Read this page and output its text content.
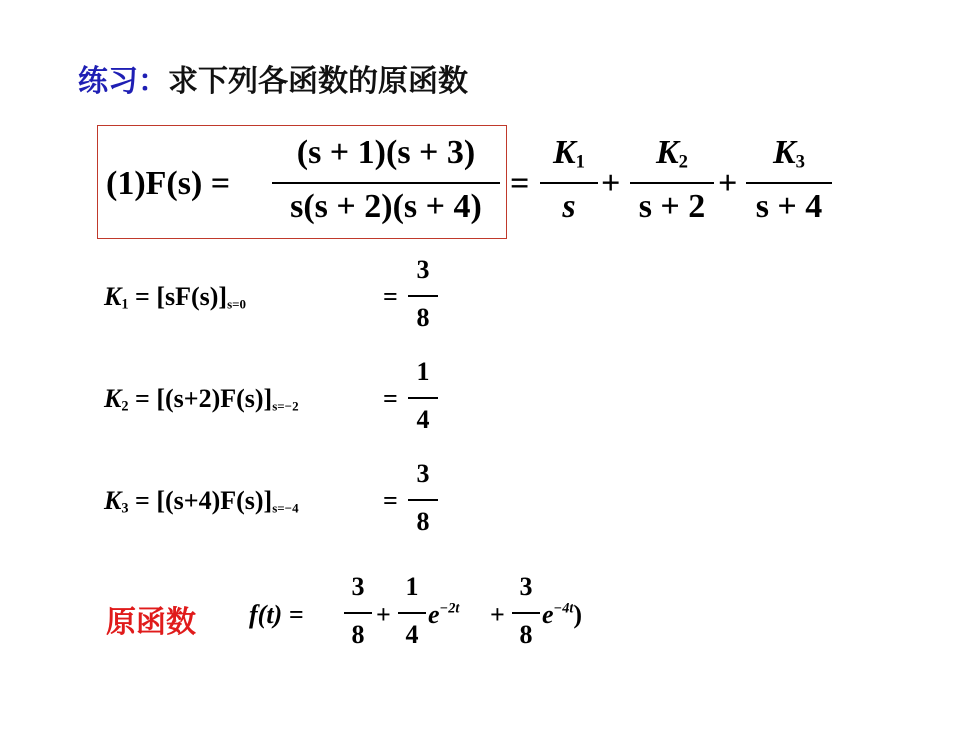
练习：求下列各函数的原函数
(1)F(s) =
(s + 1)(s + 3)
s(s + 2)(s + 4)
=
$K_1$
s
+
$K_2$
s + 2
+
$K_3$
s + 4
$K_1 = [sF(s)]_{s=0}$	=
3
8
$K_2 = [(s+2)F(s)]_{s=-2}$	=
1
4
$K_3 = [(s+4)F(s)]_{s=-4}$	=
3
8
原函数 f(t) =
3
8
+
1
4
$e^{-2t}$ +
3
8
$e^{-4t}$)
